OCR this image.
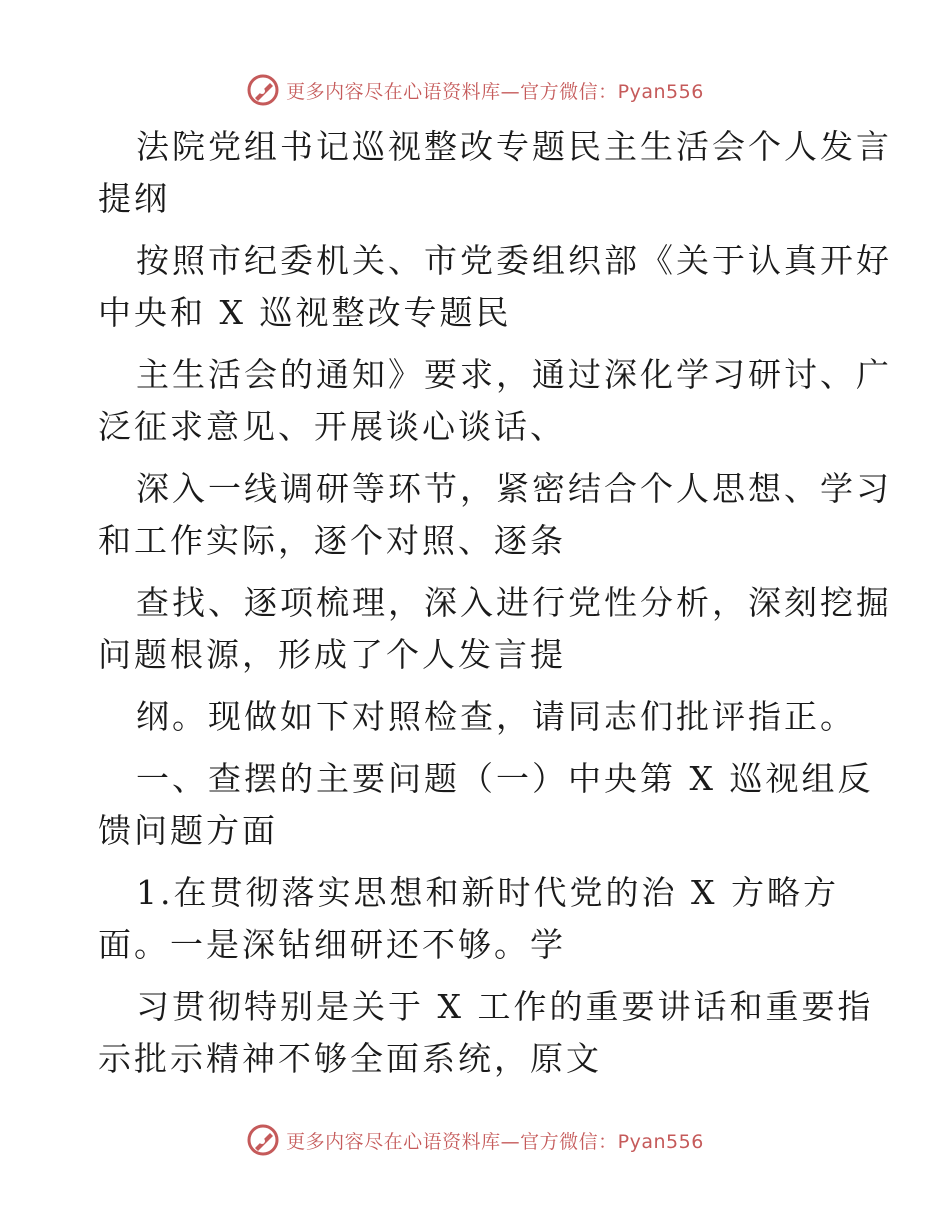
更多内容尽在心语资料库—官方微信：Pyan556
法院党组书记巡视整改专题民主生活会个人发言
提纲
按照市纪委机关、市党委组织部《关于认真开好
中央和 X 巡视整改专题民
主生活会的通知》要求，通过深化学习研讨、广
泛征求意见、开展谈心谈话、
深入一线调研等环节，紧密结合个人思想、学习
和工作实际，逐个对照、逐条
查找、逐项梳理，深入进行党性分析，深刻挖掘
问题根源，形成了个人发言提
纲。现做如下对照检查，请同志们批评指正。
一、查摆的主要问题（一）中央第 X 巡视组反
馈问题方面
1.在贯彻落实思想和新时代党的治 X 方略方
面。一是深钻细研还不够。学
习贯彻特别是关于 X 工作的重要讲话和重要指
示批示精神不够全面系统，原文
更多内容尽在心语资料库—官方微信：Pyan556
